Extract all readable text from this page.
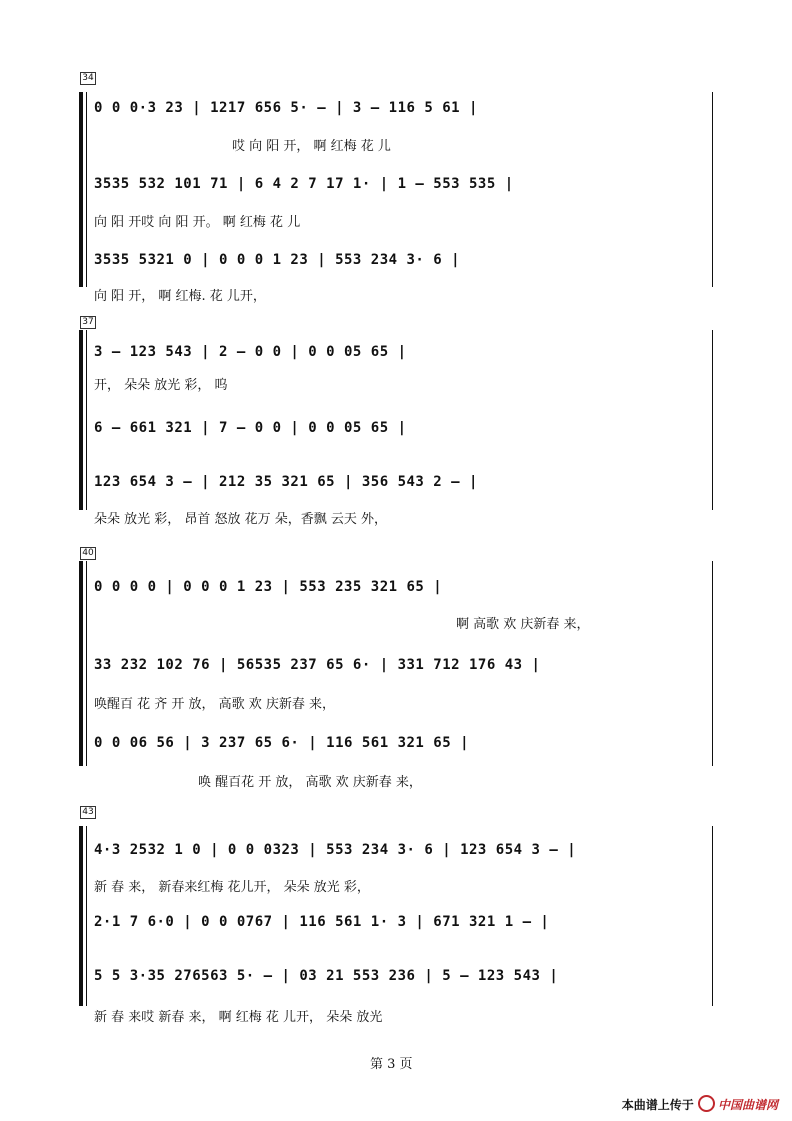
34
0 0 0·3 23 | 1217 656 5· – | 3 – 116 5 61 |
哎 向 阳 开， 啊 红梅 花 儿
3535 532 101 71 | 6 4 2 7 17 1· | 1 – 553 535 |
向 阳 开哎 向 阳 开。 啊 红梅 花 儿
3535 5321 0 | 0 0 0 1 23 | 553 234 3· 6 |
向 阳 开， 啊 红梅. 花 儿开，
37
3 – 123 543 | 2 – 0 0 | 0 0 05 65 |
开， 朵朵 放光 彩， 呜
6 – 661 321 | 7 – 0 0 | 0 0 05 65 |
123 654 3 – | 212 35 321 65 | 356 543 2 – |
朵朵 放光 彩， 昂首 怒放 花万 朵，香飘 云天 外，
40
0 0 0 0 | 0 0 0 1 23 | 553 235 321 65 |
啊 高歌 欢 庆新春 来，
33 232 102 76 | 56535 237 65 6· | 331 712 176 43 |
唤醒百 花 齐 开 放， 高歌 欢 庆新春 来，
0 0 06 56 | 3 237 65 6· | 116 561 321 65 |
唤 醒百花 开 放， 高歌 欢 庆新春 来，
43
4·3 2532 1 0 | 0 0 0323 | 553 234 3· 6 | 123 654 3 – |
新 春 来， 新春来红梅 花儿开， 朵朵 放光 彩，
2·1 7 6·0 | 0 0 0767 | 116 561 1· 3 | 671 321 1 – |
5 5 3·35 276563 5· – | 03 21 553 236 | 5 – 123 543 |
新 春 来哎 新春 来， 啊 红梅 花 儿开， 朵朵 放光
第 3 页
本曲谱上传于 中国曲谱网
